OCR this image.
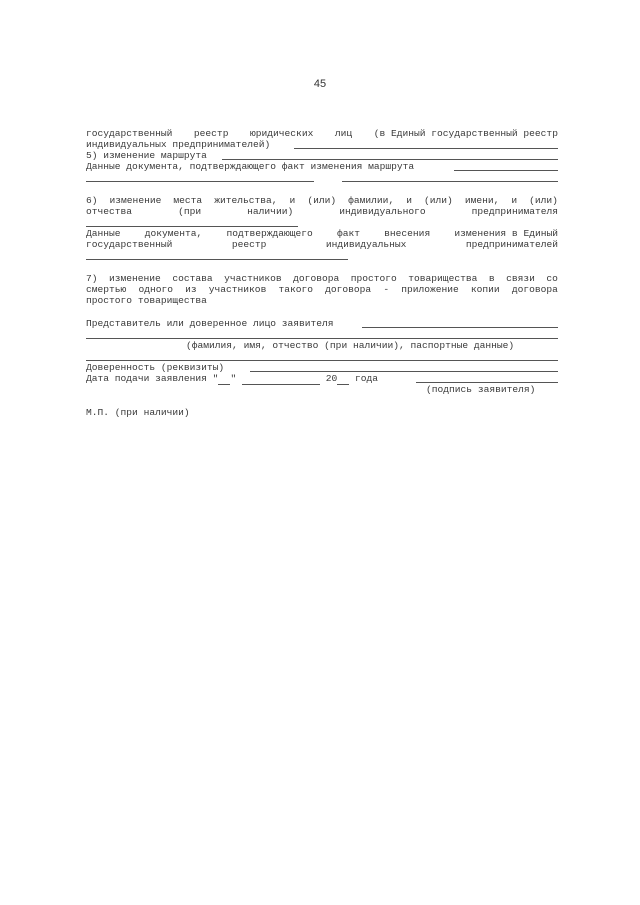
45
государственный реестр юридических лиц (в Единый государственный реестр
индивидуальных предпринимателей)
5) изменение маршрута
Данные документа, подтверждающего факт изменения маршрута
6) изменение места жительства, и (или) фамилии, и (или) имени, и (или)
отчества	(при	наличии)	индивидуального	предпринимателя
Данные	документа,	подтверждающего	факт	внесения	изменения в Единый
государственный	реестр	индивидуальных	предпринимателей
7) изменение состава участников договора простого товарищества в связи со
смертью одного из участников такого договора - приложение копии договора
простого товарищества
Представитель или доверенное лицо заявителя
(фамилия, имя, отчество (при наличии), паспортные данные)
Доверенность (реквизиты)
Дата подачи заявления " "	20 года
(подпись заявителя)
М.П. (при наличии)
